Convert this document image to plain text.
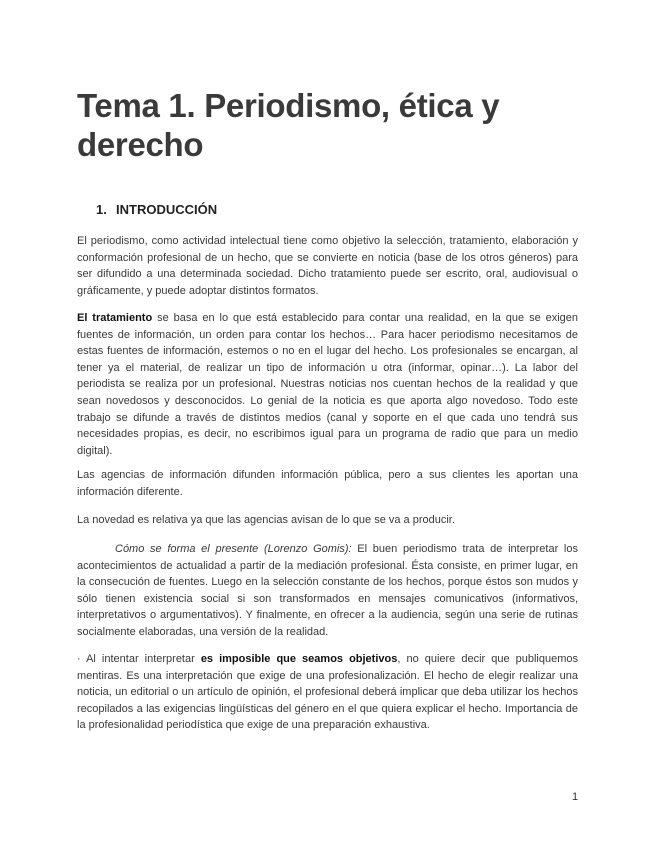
Tema 1. Periodismo, ética y derecho
1. INTRODUCCIÓN

El periodismo, como actividad intelectual tiene como objetivo la selección, tratamiento, elaboración y conformación profesional de un hecho, que se convierte en noticia (base de los otros géneros) para ser difundido a una determinada sociedad. Dicho tratamiento puede ser escrito, oral, audiovisual o gráficamente, y puede adoptar distintos formatos.

El tratamiento se basa en lo que está establecido para contar una realidad, en la que se exigen fuentes de información, un orden para contar los hechos… Para hacer periodismo necesitamos de estas fuentes de información, estemos o no en el lugar del hecho. Los profesionales se encargan, al tener ya el material, de realizar un tipo de información u otra (informar, opinar…). La labor del periodista se realiza por un profesional. Nuestras noticias nos cuentan hechos de la realidad y que sean novedosos y desconocidos. Lo genial de la noticia es que aporta algo novedoso. Todo este trabajo se difunde a través de distintos medios (canal y soporte en el que cada uno tendrá sus necesidades propias, es decir, no escribimos igual para un programa de radio que para un medio digital).

Las agencias de información difunden información pública, pero a sus clientes les aportan una información diferente.

La novedad es relativa ya que las agencias avisan de lo que se va a producir.

Cómo se forma el presente (Lorenzo Gomis): El buen periodismo trata de interpretar los acontecimientos de actualidad a partir de la mediación profesional. Ésta consiste, en primer lugar, en la consecución de fuentes. Luego en la selección constante de los hechos, porque éstos son mudos y sólo tienen existencia social si son transformados en mensajes comunicativos (informativos, interpretativos o argumentativos). Y finalmente, en ofrecer a la audiencia, según una serie de rutinas socialmente elaboradas, una versión de la realidad.

· Al intentar interpretar es imposible que seamos objetivos, no quiere decir que publiquemos mentiras. Es una interpretación que exige de una profesionalización. El hecho de elegir realizar una noticia, un editorial o un artículo de opinión, el profesional deberá implicar que deba utilizar los hechos recopilados a las exigencias lingüísticas del género en el que quiera explicar el hecho. Importancia de la profesionalidad periodística que exige de una preparación exhaustiva.

1
